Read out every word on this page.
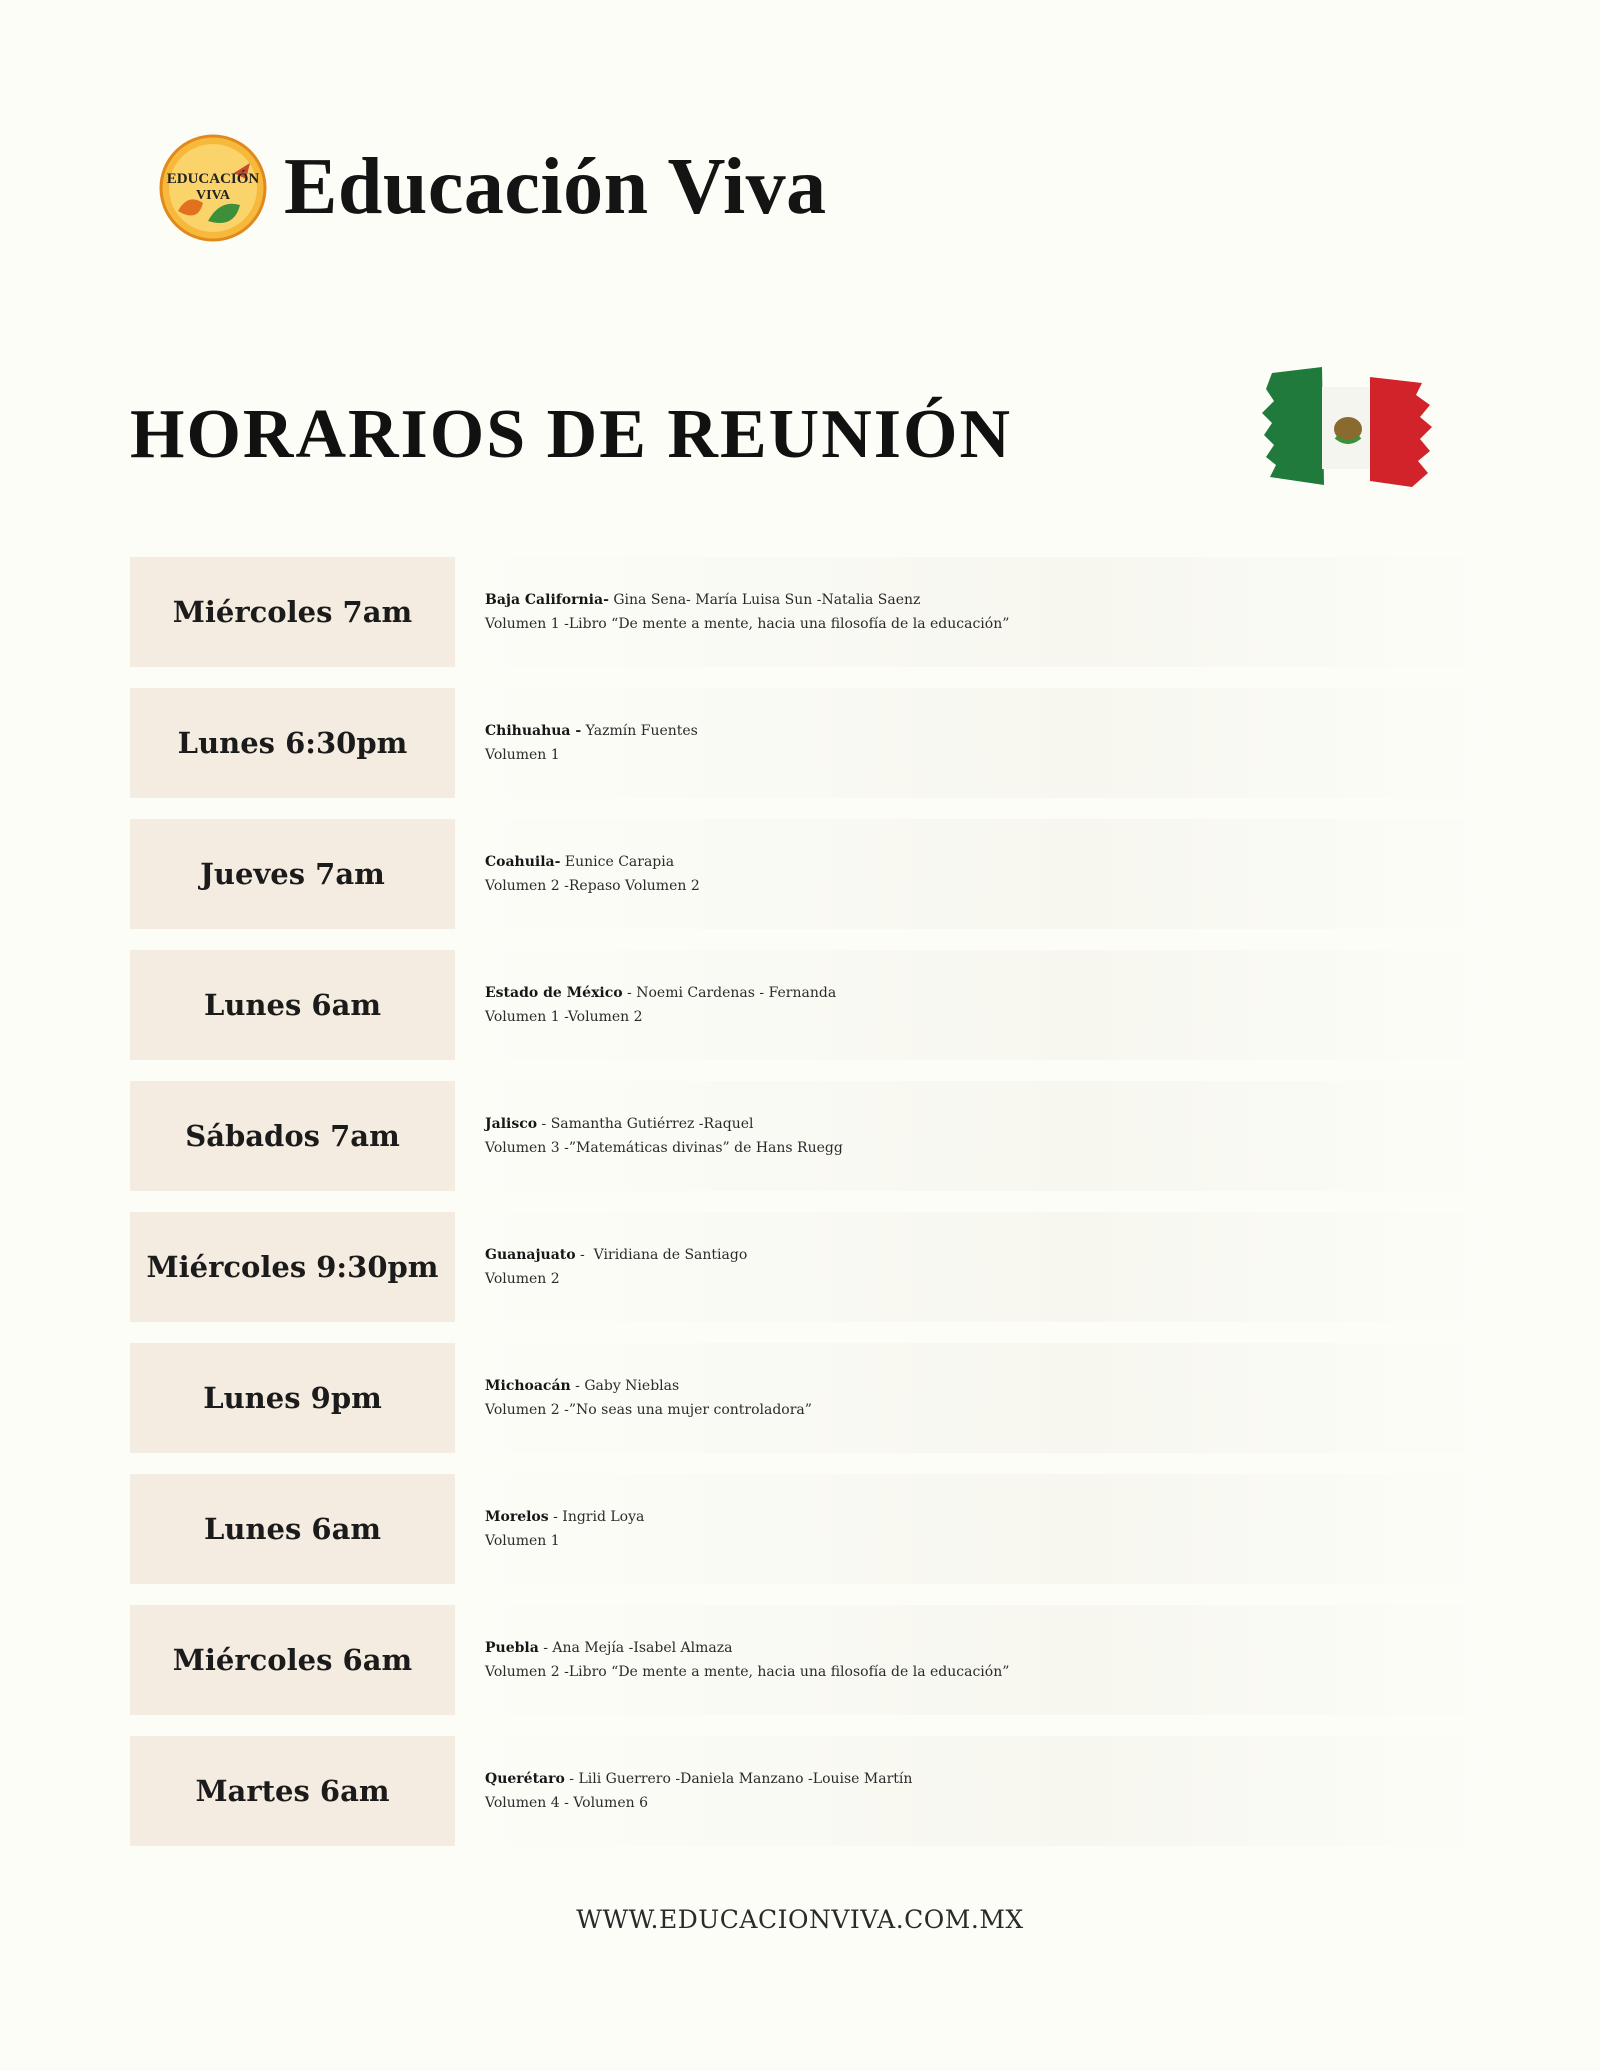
EDUCACIÓN
VIVA Educación Viva
HORARIOS DE REUNIÓN
Miércoles 7am	Baja California- Gina Sena- María Luisa Sun -Natalia Saenz
Volumen 1 -Libro “De mente a mente, hacia una filosofía de la educación”
Lunes 6:30pm	Chihuahua - Yazmín Fuentes
Volumen 1
Jueves 7am	Coahuila- Eunice Carapia
Volumen 2 -Repaso Volumen 2
Lunes 6am	Estado de México - Noemi Cardenas - Fernanda
Volumen 1 -Volumen 2
Sábados 7am	Jalisco - Samantha Gutiérrez -Raquel
Volumen 3 -”Matemáticas divinas” de Hans Ruegg
Miércoles 9:30pm	Guanajuato -  Viridiana de Santiago
Volumen 2
Lunes 9pm	Michoacán - Gaby Nieblas
Volumen 2 -”No seas una mujer controladora”
Lunes 6am	Morelos - Ingrid Loya
Volumen 1
Miércoles 6am	Puebla - Ana Mejía -Isabel Almaza
Volumen 2 -Libro “De mente a mente, hacia una filosofía de la educación”
Martes 6am	Querétaro - Lili Guerrero -Daniela Manzano -Louise Martín
Volumen 4 - Volumen 6
WWW.EDUCACIONVIVA.COM.MX
